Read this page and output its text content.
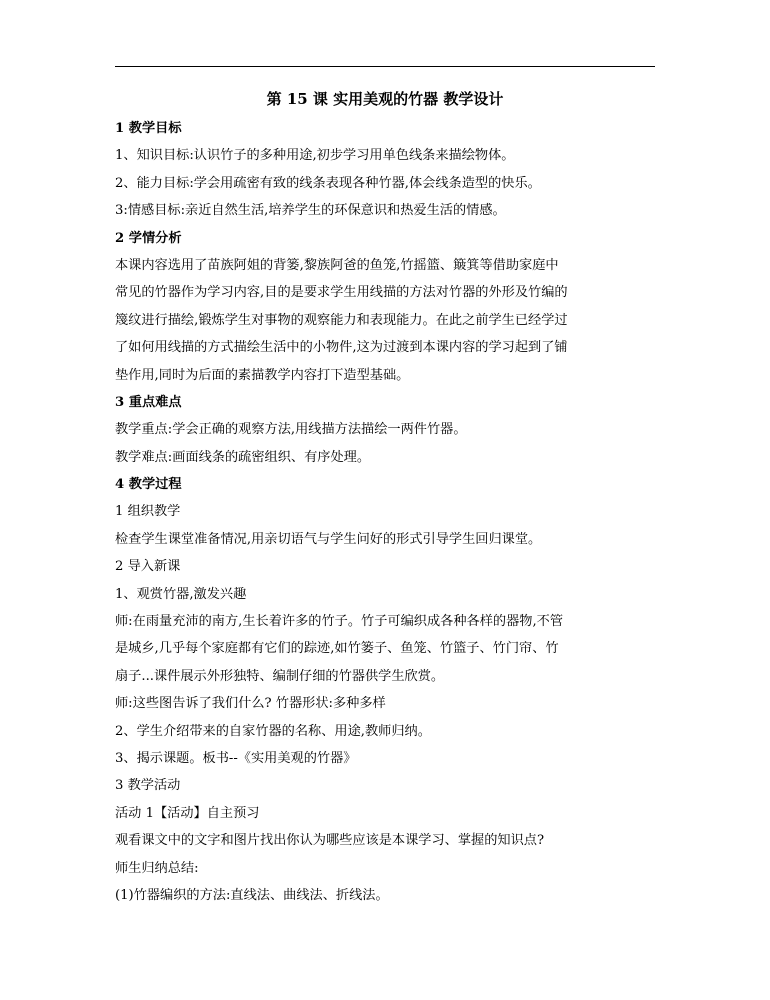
第 15 课 实用美观的竹器 教学设计
1 教学目标
1、知识目标:认识竹子的多种用途,初步学习用单色线条来描绘物体。
2、能力目标:学会用疏密有致的线条表现各种竹器,体会线条造型的快乐。
3:情感目标:亲近自然生活,培养学生的环保意识和热爱生活的情感。
2 学情分析
本课内容选用了苗族阿姐的背篓,黎族阿爸的鱼笼,竹摇篮、簸箕等借助家庭中
常见的竹器作为学习内容,目的是要求学生用线描的方法对竹器的外形及竹编的
篾纹进行描绘,锻炼学生对事物的观察能力和表现能力。在此之前学生已经学过
了如何用线描的方式描绘生活中的小物件,这为过渡到本课内容的学习起到了铺
垫作用,同时为后面的素描教学内容打下造型基础。
3 重点难点
教学重点:学会正确的观察方法,用线描方法描绘一两件竹器。
教学难点:画面线条的疏密组织、有序处理。
4 教学过程
1 组织教学
检查学生课堂准备情况,用亲切语气与学生问好的形式引导学生回归课堂。
2 导入新课
1、观赏竹器,激发兴趣
师:在雨量充沛的南方,生长着许多的竹子。竹子可编织成各种各样的器物,不管
是城乡,几乎每个家庭都有它们的踪迹,如竹篓子、鱼笼、竹篮子、竹门帘、竹
扇子...课件展示外形独特、编制仔细的竹器供学生欣赏。
师:这些图告诉了我们什么? 竹器形状:多种多样
2、学生介绍带来的自家竹器的名称、用途,教师归纳。
3、揭示课题。板书--《实用美观的竹器》
3 教学活动
活动 1【活动】自主预习
观看课文中的文字和图片找出你认为哪些应该是本课学习、掌握的知识点?
师生归纳总结:
(1)竹器编织的方法:直线法、曲线法、折线法。
